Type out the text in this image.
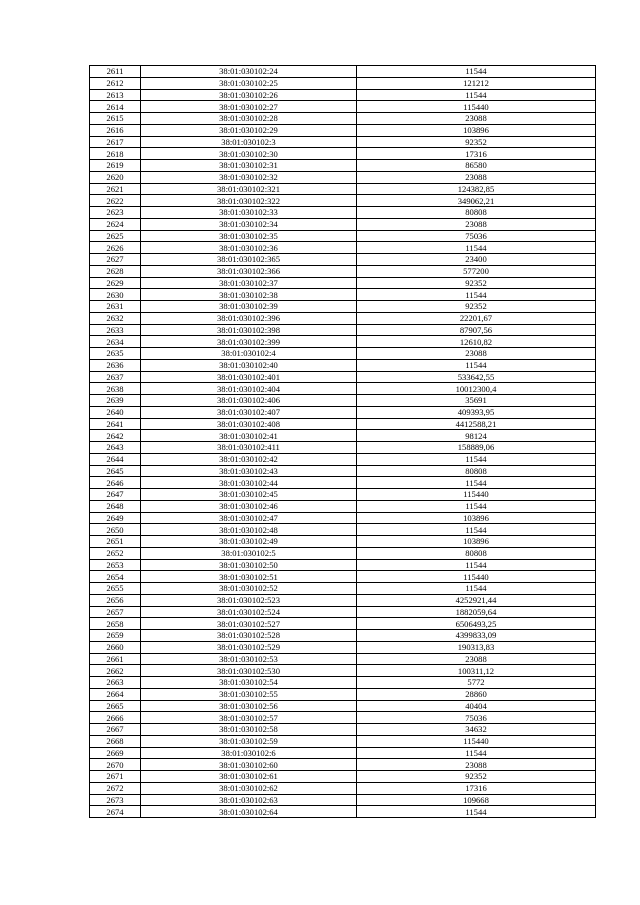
2611	38:01:030102:24	11544
2612	38:01:030102:25	121212
2613	38:01:030102:26	11544
2614	38:01:030102:27	115440
2615	38:01:030102:28	23088
2616	38:01:030102:29	103896
2617	38:01:030102:3	92352
2618	38:01:030102:30	17316
2619	38:01:030102:31	86580
2620	38:01:030102:32	23088
2621	38:01:030102:321	124382,85
2622	38:01:030102:322	349062,21
2623	38:01:030102:33	80808
2624	38:01:030102:34	23088
2625	38:01:030102:35	75036
2626	38:01:030102:36	11544
2627	38:01:030102:365	23400
2628	38:01:030102:366	577200
2629	38:01:030102:37	92352
2630	38:01:030102:38	11544
2631	38:01:030102:39	92352
2632	38:01:030102:396	22201,67
2633	38:01:030102:398	87907,56
2634	38:01:030102:399	12610,82
2635	38:01:030102:4	23088
2636	38:01:030102:40	11544
2637	38:01:030102:401	533642,55
2638	38:01:030102:404	10012300,4
2639	38:01:030102:406	35691
2640	38:01:030102:407	409393,95
2641	38:01:030102:408	4412588,21
2642	38:01:030102:41	98124
2643	38:01:030102:411	158889,06
2644	38:01:030102:42	11544
2645	38:01:030102:43	80808
2646	38:01:030102:44	11544
2647	38:01:030102:45	115440
2648	38:01:030102:46	11544
2649	38:01:030102:47	103896
2650	38:01:030102:48	11544
2651	38:01:030102:49	103896
2652	38:01:030102:5	80808
2653	38:01:030102:50	11544
2654	38:01:030102:51	115440
2655	38:01:030102:52	11544
2656	38:01:030102:523	4252921,44
2657	38:01:030102:524	1882059,64
2658	38:01:030102:527	6506493,25
2659	38:01:030102:528	4399833,09
2660	38:01:030102:529	190313,83
2661	38:01:030102:53	23088
2662	38:01:030102:530	100311,12
2663	38:01:030102:54	5772
2664	38:01:030102:55	28860
2665	38:01:030102:56	40404
2666	38:01:030102:57	75036
2667	38:01:030102:58	34632
2668	38:01:030102:59	115440
2669	38:01:030102:6	11544
2670	38:01:030102:60	23088
2671	38:01:030102:61	92352
2672	38:01:030102:62	17316
2673	38:01:030102:63	109668
2674	38:01:030102:64	11544
